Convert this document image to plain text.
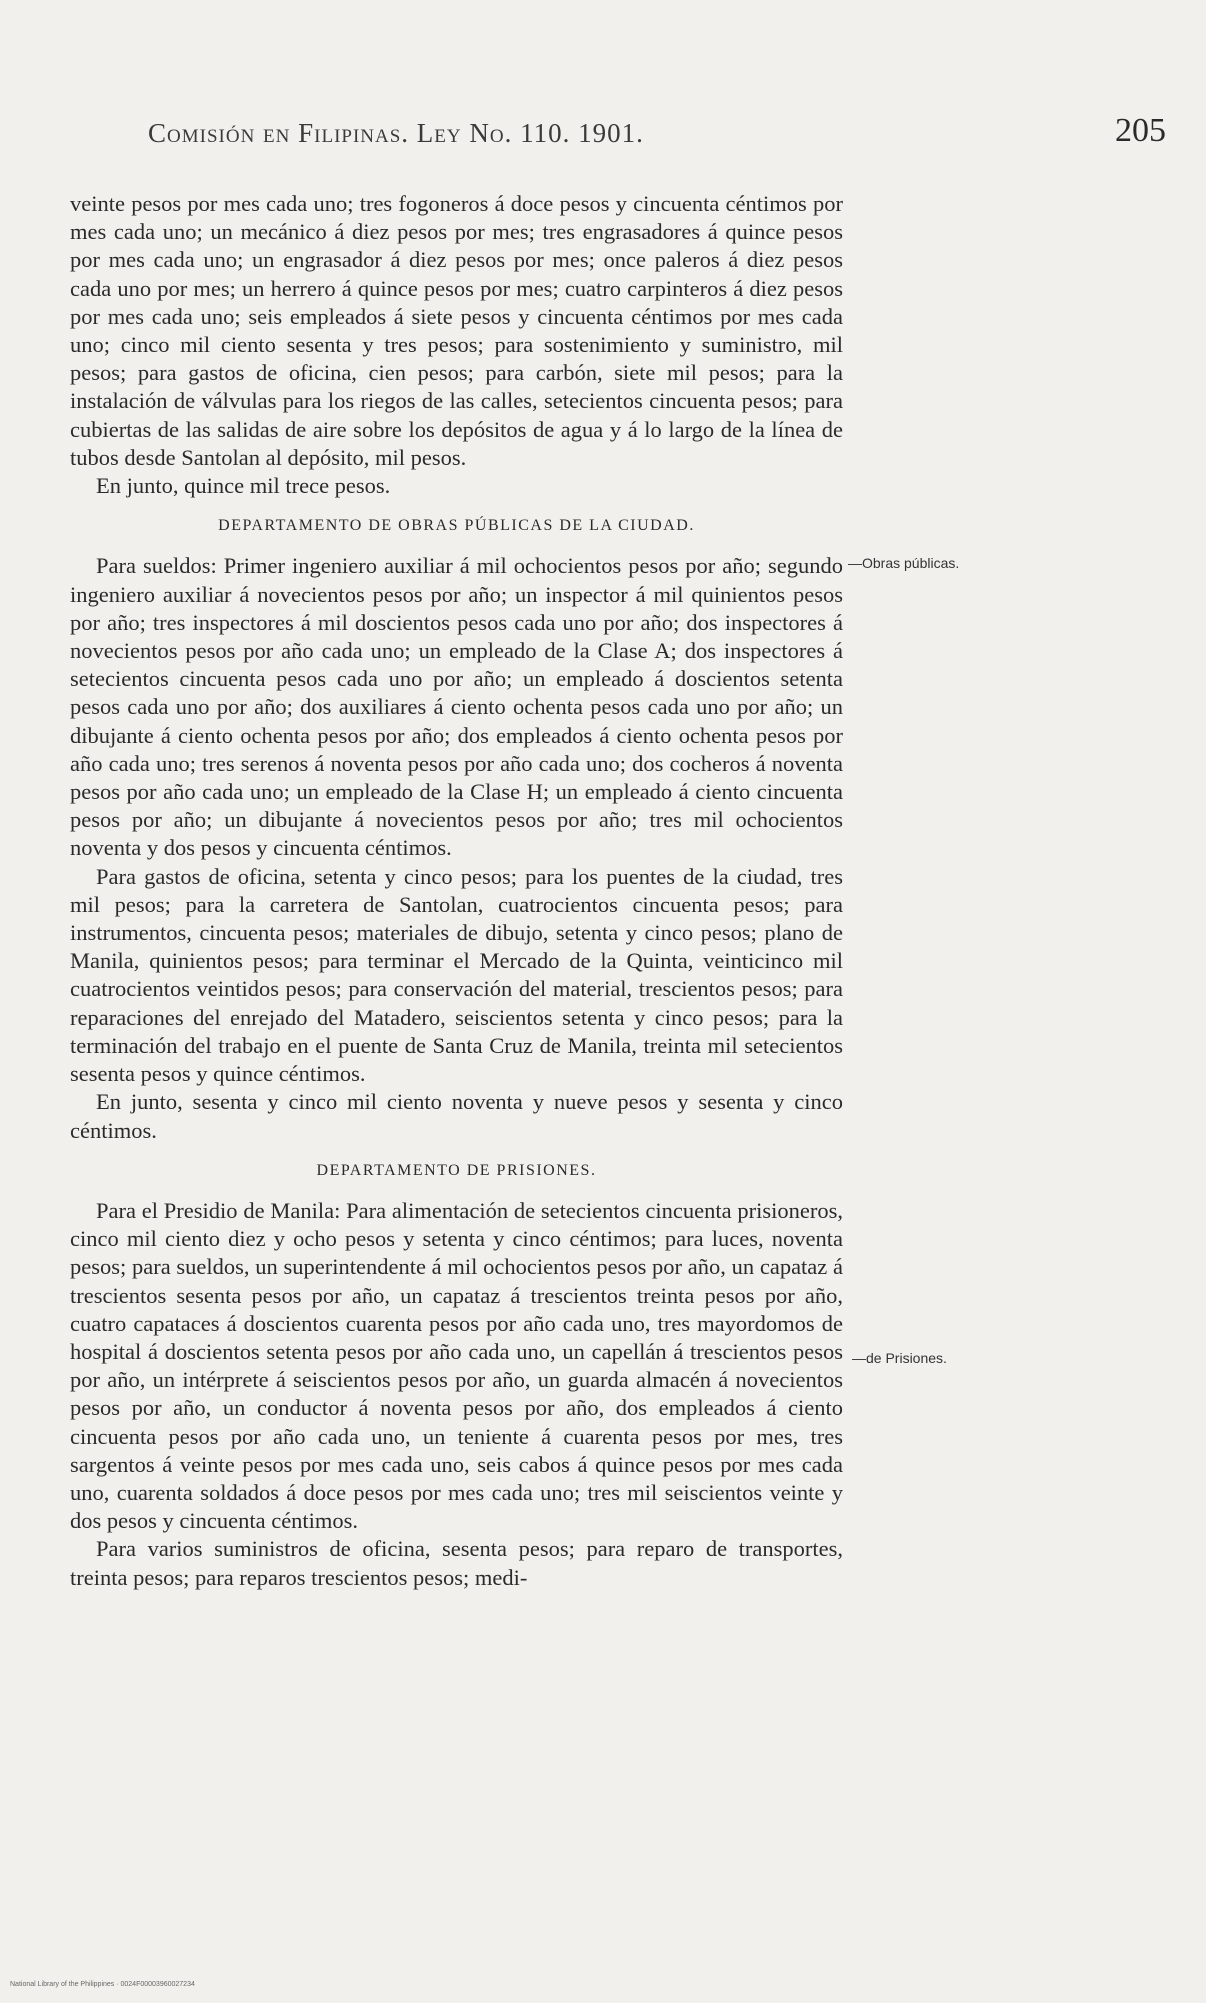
Comisión en Filipinas. Ley No. 110. 1901.	205

veinte pesos por mes cada uno; tres fogoneros á doce pesos y cincuenta céntimos por mes cada uno; un mecánico á diez pesos por mes; tres engrasadores á quince pesos por mes cada uno; un engrasador á diez pesos por mes; once paleros á diez pesos cada uno por mes; un herrero á quince pesos por mes; cuatro carpinteros á diez pesos por mes cada uno; seis empleados á siete pesos y cincuenta céntimos por mes cada uno; cinco mil ciento sesenta y tres pesos; para sostenimiento y suministro, mil pesos; para gastos de oficina, cien pesos; para carbón, siete mil pesos; para la instalación de válvulas para los riegos de las calles, setecientos cincuenta pesos; para cubiertas de las salidas de aire sobre los depósitos de agua y á lo largo de la línea de tubos desde Santolan al depósito, mil pesos.

En junto, quince mil trece pesos.

DEPARTAMENTO DE OBRAS PÚBLICAS DE LA CIUDAD.

Para sueldos: Primer ingeniero auxiliar á mil ochocientos pesos por año; segundo ingeniero auxiliar á novecientos pesos por año; un inspector á mil quinientos pesos por año; tres inspectores á mil doscientos pesos cada uno por año; dos inspectores á novecientos pesos por año cada uno; un empleado de la Clase A; dos inspectores á setecientos cincuenta pesos cada uno por año; un empleado á doscientos setenta pesos cada uno por año; dos auxiliares á ciento ochenta pesos cada uno por año; un dibujante á ciento ochenta pesos por año; dos empleados á ciento ochenta pesos por año cada uno; tres serenos á noventa pesos por año cada uno; dos cocheros á noventa pesos por año cada uno; un empleado de la Clase H; un empleado á ciento cincuenta pesos por año; un dibujante á novecientos pesos por año; tres mil ochocientos noventa y dos pesos y cincuenta céntimos.

Para gastos de oficina, setenta y cinco pesos; para los puentes de la ciudad, tres mil pesos; para la carretera de Santolan, cuatrocientos cincuenta pesos; para instrumentos, cincuenta pesos; materiales de dibujo, setenta y cinco pesos; plano de Manila, quinientos pesos; para terminar el Mercado de la Quinta, veinticinco mil cuatrocientos veintidos pesos; para conservación del material, trescientos pesos; para reparaciones del enrejado del Matadero, seiscientos setenta y cinco pesos; para la terminación del trabajo en el puente de Santa Cruz de Manila, treinta mil setecientos sesenta pesos y quince céntimos.

En junto, sesenta y cinco mil ciento noventa y nueve pesos y sesenta y cinco céntimos.

DEPARTAMENTO DE PRISIONES.

Para el Presidio de Manila: Para alimentación de setecientos cincuenta prisioneros, cinco mil ciento diez y ocho pesos y setenta y cinco céntimos; para luces, noventa pesos; para sueldos, un superintendente á mil ochocientos pesos por año, un capataz á trescientos sesenta pesos por año, un capataz á trescientos treinta pesos por año, cuatro capataces á doscientos cuarenta pesos por año cada uno, tres mayordomos de hospital á doscientos setenta pesos por año cada uno, un capellán á trescientos pesos por año, un intérprete á seiscientos pesos por año, un guarda almacén á novecientos pesos por año, un conductor á noventa pesos por año, dos empleados á ciento cincuenta pesos por año cada uno, un teniente á cuarenta pesos por mes, tres sargentos á veinte pesos por mes cada uno, seis cabos á quince pesos por mes cada uno, cuarenta soldados á doce pesos por mes cada uno; tres mil seiscientos veinte y dos pesos y cincuenta céntimos.

Para varios suministros de oficina, sesenta pesos; para reparo de transportes, treinta pesos; para reparos trescientos pesos; medi-

—Obras públicas.
—de Prisiones.
National Library of the Philippines · 0024F00003960027234
